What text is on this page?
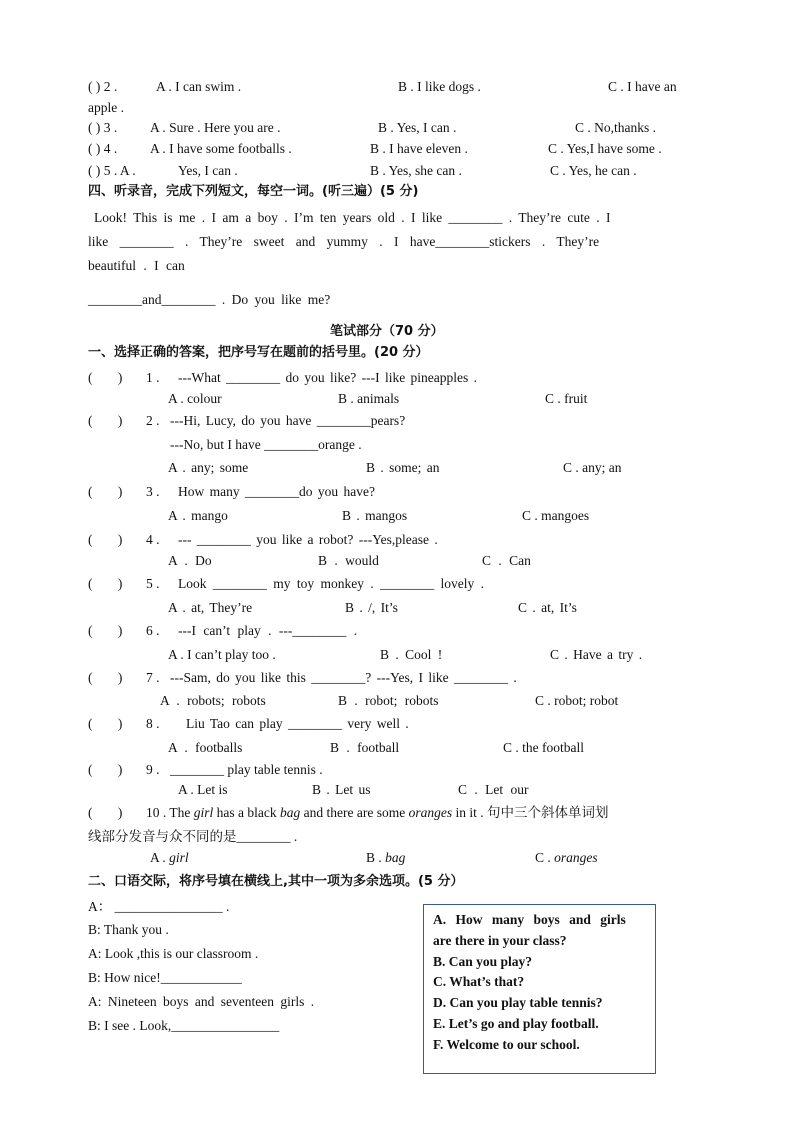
( ) 2 .	A . I can swim .	B . I like dogs .	C . I have an
apple .
( ) 3 . A . Sure . Here you are .	B . Yes, I can .	C . No,thanks .
( ) 4 . A . I have some footballs .	B . I have eleven .	C . Yes,I have some .
( ) 5 . A .	Yes, I can .	B . Yes, she can .	C . Yes, he can .
四、听录音，完成下列短文，每空一词。(听三遍）(5 分)
Look! This is me . I am a boy . I’m ten years old . I like ________ . They’re cute . I
like ________ . They’re sweet and yummy . I have________stickers . They’re
beautiful . I can
________and________ . Do you like me?
笔试部分（70 分）
一、选择正确的答案，把序号写在题前的括号里。(20 分）
( ) 1 . ---What ________ do you like? ---I like pineapples .
A . colour	B . animals	C . fruit
( ) 2 . ---Hi, Lucy, do you have ________pears?
---No, but I have ________orange .
A . any; some	B . some; an	C . any; an
( ) 3 . How many ________do you have?
A . mango	B . mangos	C . mangoes
( ) 4 . --- ________ you like a robot? ---Yes,please .
A . Do	B . would	C . Can
( ) 5 . Look ________ my toy monkey . ________ lovely .
A . at, They’re	B . /, It’s	C . at, It’s
( ) 6 . ---I can’t play . ---________ .
A . I can’t play too .	B . Cool !	C . Have a try .
( ) 7 . ---Sam, do you like this ________? ---Yes, I like ________ .
A . robots; robots	B . robot; robots	C . robot; robot
( ) 8 . Liu Tao can play ________ very well .
A . footballs	B . football	C . the football
( ) 9 . ________ play table tennis .
A . Let is	B . Let us	C . Let our
( ) 10 . The girl has a black bag and there are some oranges in it . 句中三个斜体单词划
线部分发音与众不同的是________ .
A . girl	B . bag	C . oranges
二、口语交际，将序号填在横线上,其中一项为多余选项。(5 分）
A： ________________ .
B: Thank you .
A: Look ,this is our classroom .
B: How nice!____________
A: Nineteen boys and seventeen girls .
B: I see . Look,________________
A. How many boys and girls
are there in your class?
B. Can you play?
C. What’s that?
D. Can you play table tennis?
E. Let’s go and play football.
F. Welcome to our school.
